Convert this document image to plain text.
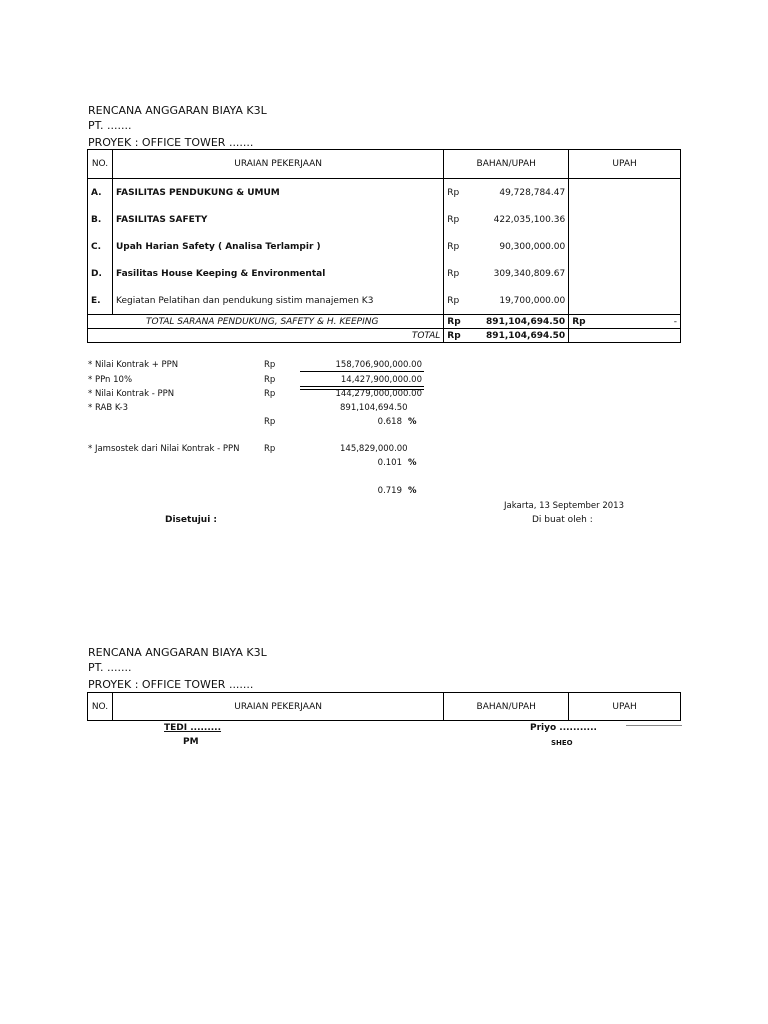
RENCANA ANGGARAN BIAYA K3L
PT. .......
PROYEK : OFFICE TOWER .......
NO.	URAIAN PEKERJAAN	BAHAN/UPAH		UPAH
A.	FASILITAS PENDUKUNG & UMUM	Rp	49,728,784.47	
B.	FASILITAS SAFETY	Rp	422,035,100.36	
C.	Upah Harian Safety ( Analisa Terlampir )	Rp	90,300,000.00	
D.	Fasilitas House Keeping & Environmental	Rp	309,340,809.67	
E.	Kegiatan Pelatihan dan pendukung sistim manajemen K3	Rp	19,700,000.00	
TOTAL SARANA PENDUKUNG, SAFETY & H. KEEPING		Rp	891,104,694.50	Rp -

TOTAL		Rp	891,104,694.50	
* Nilai Kontrak + PPN	Rp	158,706,900,000.00
* PPn 10%	Rp	14,427,900,000.00
* Nilai Kontrak - PPN	Rp	144,279,000,000.00
* RAB K-3	891,104,694.50
Rp	0.618 %
* Jamsostek dari Nilai Kontrak - PPN	Rp	145,829,000.00
0.101 %
0.719 %
Jakarta, 13 September 2013
Disetujui :	Di buat oleh :
RENCANA ANGGARAN BIAYA K3L
PT. .......
PROYEK : OFFICE TOWER .......
NO.	URAIAN PEKERJAAN	BAHAN/UPAH	UPAH
TEDI .........
PM
Priyo ...........
SHEO
